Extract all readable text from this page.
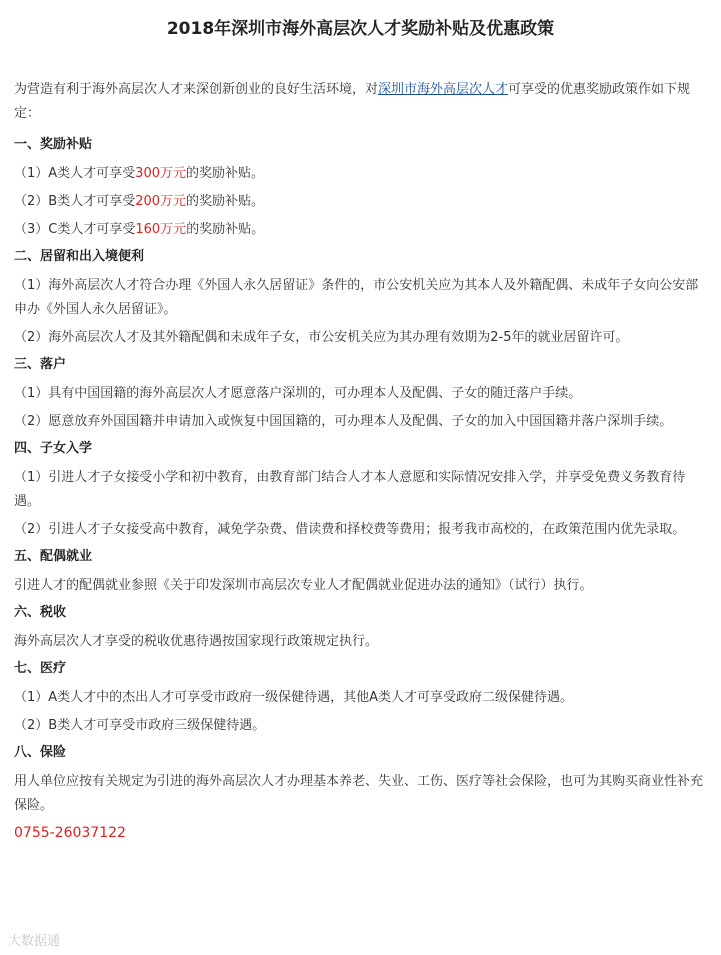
2018年深圳市海外高层次人才奖励补贴及优惠政策
为营造有利于海外高层次人才来深创新创业的良好生活环境，对深圳市海外高层次人才可享受的优惠奖励政策作如下规定：
一、奖励补贴
（1）A类人才可享受300万元的奖励补贴。
（2）B类人才可享受200万元的奖励补贴。
（3）C类人才可享受160万元的奖励补贴。
二、居留和出入境便利
（1）海外高层次人才符合办理《外国人永久居留证》条件的，市公安机关应为其本人及外籍配偶、未成年子女向公安部申办《外国人永久居留证》。
（2）海外高层次人才及其外籍配偶和未成年子女，市公安机关应为其办理有效期为2-5年的就业居留许可。
三、落户
（1）具有中国国籍的海外高层次人才愿意落户深圳的，可办理本人及配偶、子女的随迁落户手续。
（2）愿意放弃外国国籍并申请加入或恢复中国国籍的，可办理本人及配偶、子女的加入中国国籍并落户深圳手续。
四、子女入学
（1）引进人才子女接受小学和初中教育，由教育部门结合人才本人意愿和实际情况安排入学，并享受免费义务教育待遇。
（2）引进人才子女接受高中教育，减免学杂费、借读费和择校费等费用；报考我市高校的，在政策范围内优先录取。
五、配偶就业
引进人才的配偶就业参照《关于印发深圳市高层次专业人才配偶就业促进办法的通知》（试行）执行。
六、税收
海外高层次人才享受的税收优惠待遇按国家现行政策规定执行。
七、医疗
（1）A类人才中的杰出人才可享受市政府一级保健待遇，其他A类人才可享受政府二级保健待遇。
（2）B类人才可享受市政府三级保健待遇。
八、保险
用人单位应按有关规定为引进的海外高层次人才办理基本养老、失业、工伤、医疗等社会保险，也可为其购买商业性补充保险。
0755-26037122
大数据通
